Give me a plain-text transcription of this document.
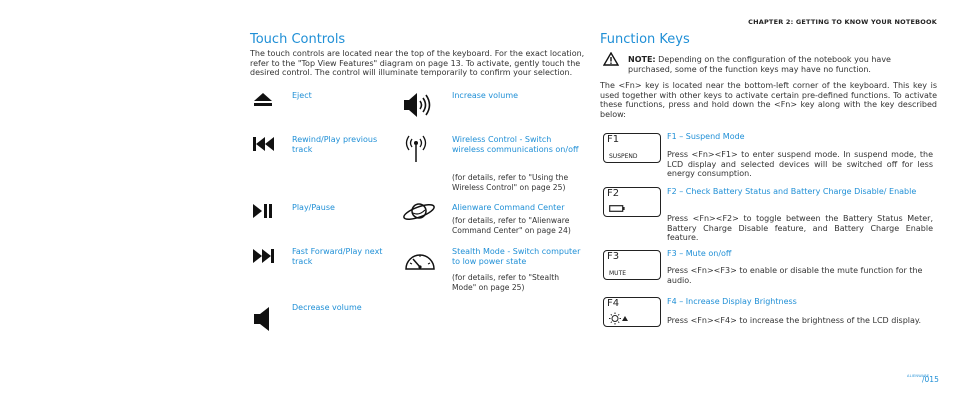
CHAPTER 2: GETTING TO KNOW YOUR NOTEBOOK
Touch Controls
The touch controls are located near the top of the keyboard. For the exact location, refer to the "Top View Features" diagram on page 13. To activate, gently touch the desired control. The control will illuminate temporarily to confirm your selection.
Eject
Rewind/Play previous track
Play/Pause
Fast Forward/Play next track
Decrease volume
Increase volume
Wireless Control - Switch wireless communications on/off
(for details, refer to "Using the Wireless Control" on page 25)
Alienware Command Center
(for details, refer to "Alienware Command Center" on page 24)
Stealth Mode - Switch computer to low power state
(for details, refer to "Stealth Mode" on page 25)
Function Keys
NOTE: Depending on the configuration of the notebook you have purchased, some of the function keys may have no function.
The <Fn> key is located near the bottom-left corner of the keyboard. This key is used together with other keys to activate certain pre-defined functions. To activate these functions, press and hold down the <Fn> key along with the key described below:
F1
SUSPEND
F1 – Suspend Mode
Press <Fn><F1> to enter suspend mode. In suspend mode, the LCD display and selected devices will be switched off for less energy consumption.
F2	F2 – Check Battery Status and Battery Charge Disable/ Enable
Press <Fn><F2> to toggle between the Battery Status Meter, Battery Charge Disable feature, and Battery Charge Enable feature.
F3
MUTE
F3 – Mute on/off
Press <Fn><F3> to enable or disable the mute function for the audio.
F4	F4 – Increase Display Brightness
Press <Fn><F4> to increase the brightness of the LCD display.
ALIENWARE
/015
